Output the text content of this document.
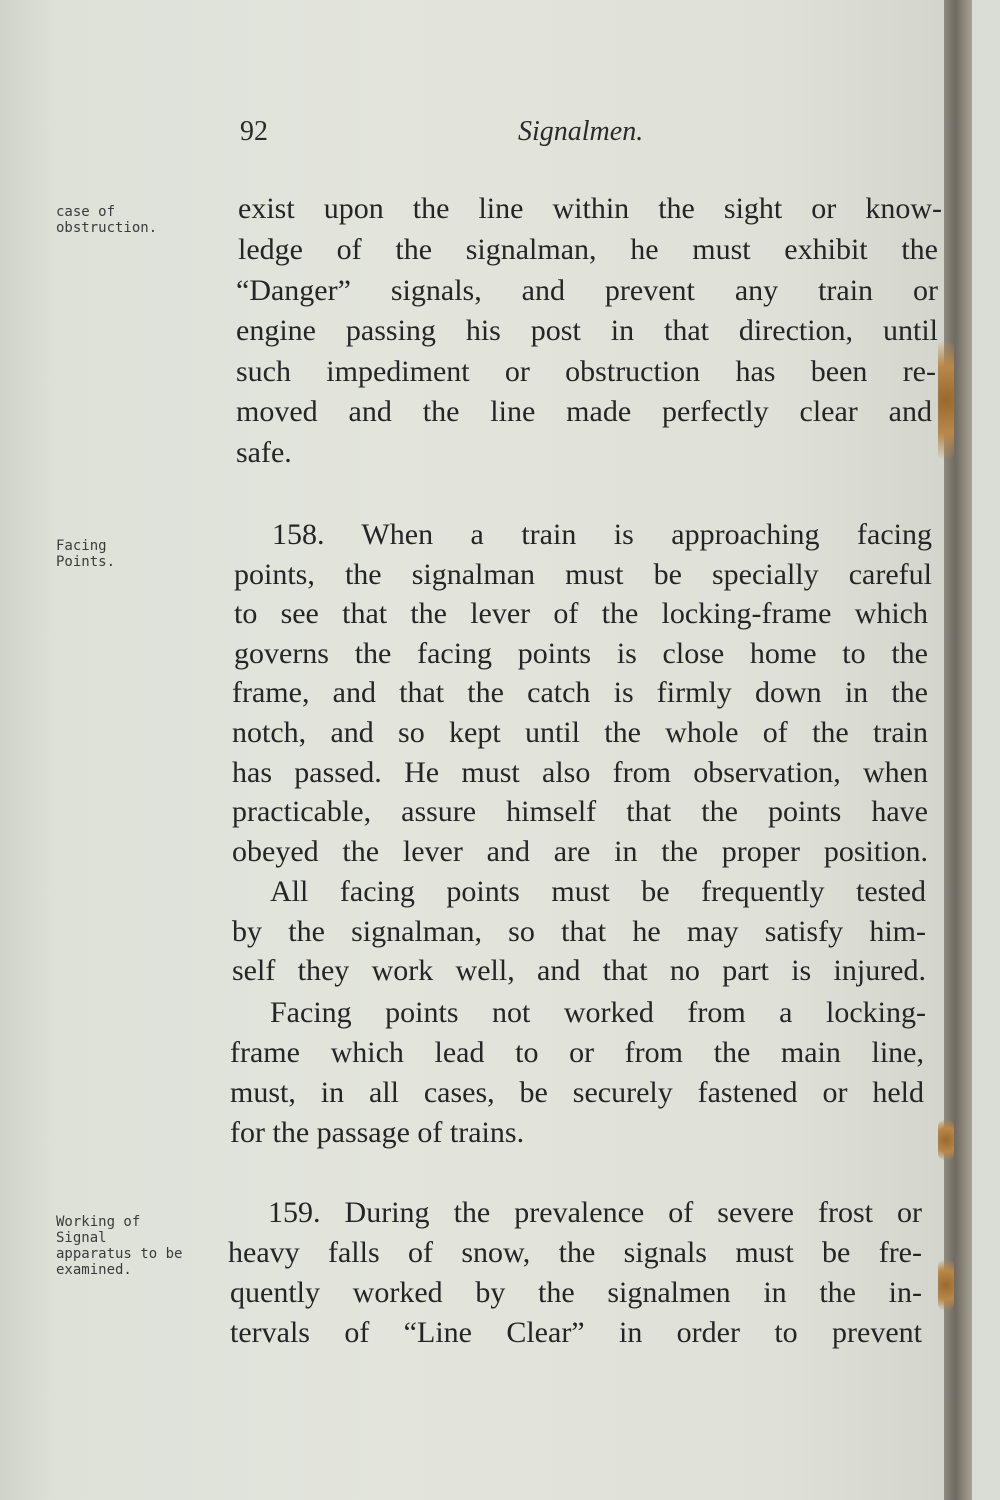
92	Signalmen.
case of
obstruction.
Facing
Points.
Working of
Signal
apparatus to be
examined.
exist upon the line within the sight or know-
ledge of the signalman, he must exhibit the
“Danger” signals, and prevent any train or
engine passing his post in that direction, until
such impediment or obstruction has been re-
moved and the line made perfectly clear and
safe.
158. When a train is approaching facing
points, the signalman must be specially careful
to see that the lever of the locking-frame which
governs the facing points is close home to the
frame, and that the catch is firmly down in the
notch, and so kept until the whole of the train
has passed. He must also from observation, when
practicable, assure himself that the points have
obeyed the lever and are in the proper position.
All facing points must be frequently tested
by the signalman, so that he may satisfy him-
self they work well, and that no part is injured.
Facing points not worked from a locking-
frame which lead to or from the main line,
must, in all cases, be securely fastened or held
for the passage of trains.
159. During the prevalence of severe frost or
heavy falls of snow, the signals must be fre-
quently worked by the signalmen in the in-
tervals of “Line Clear” in order to prevent
